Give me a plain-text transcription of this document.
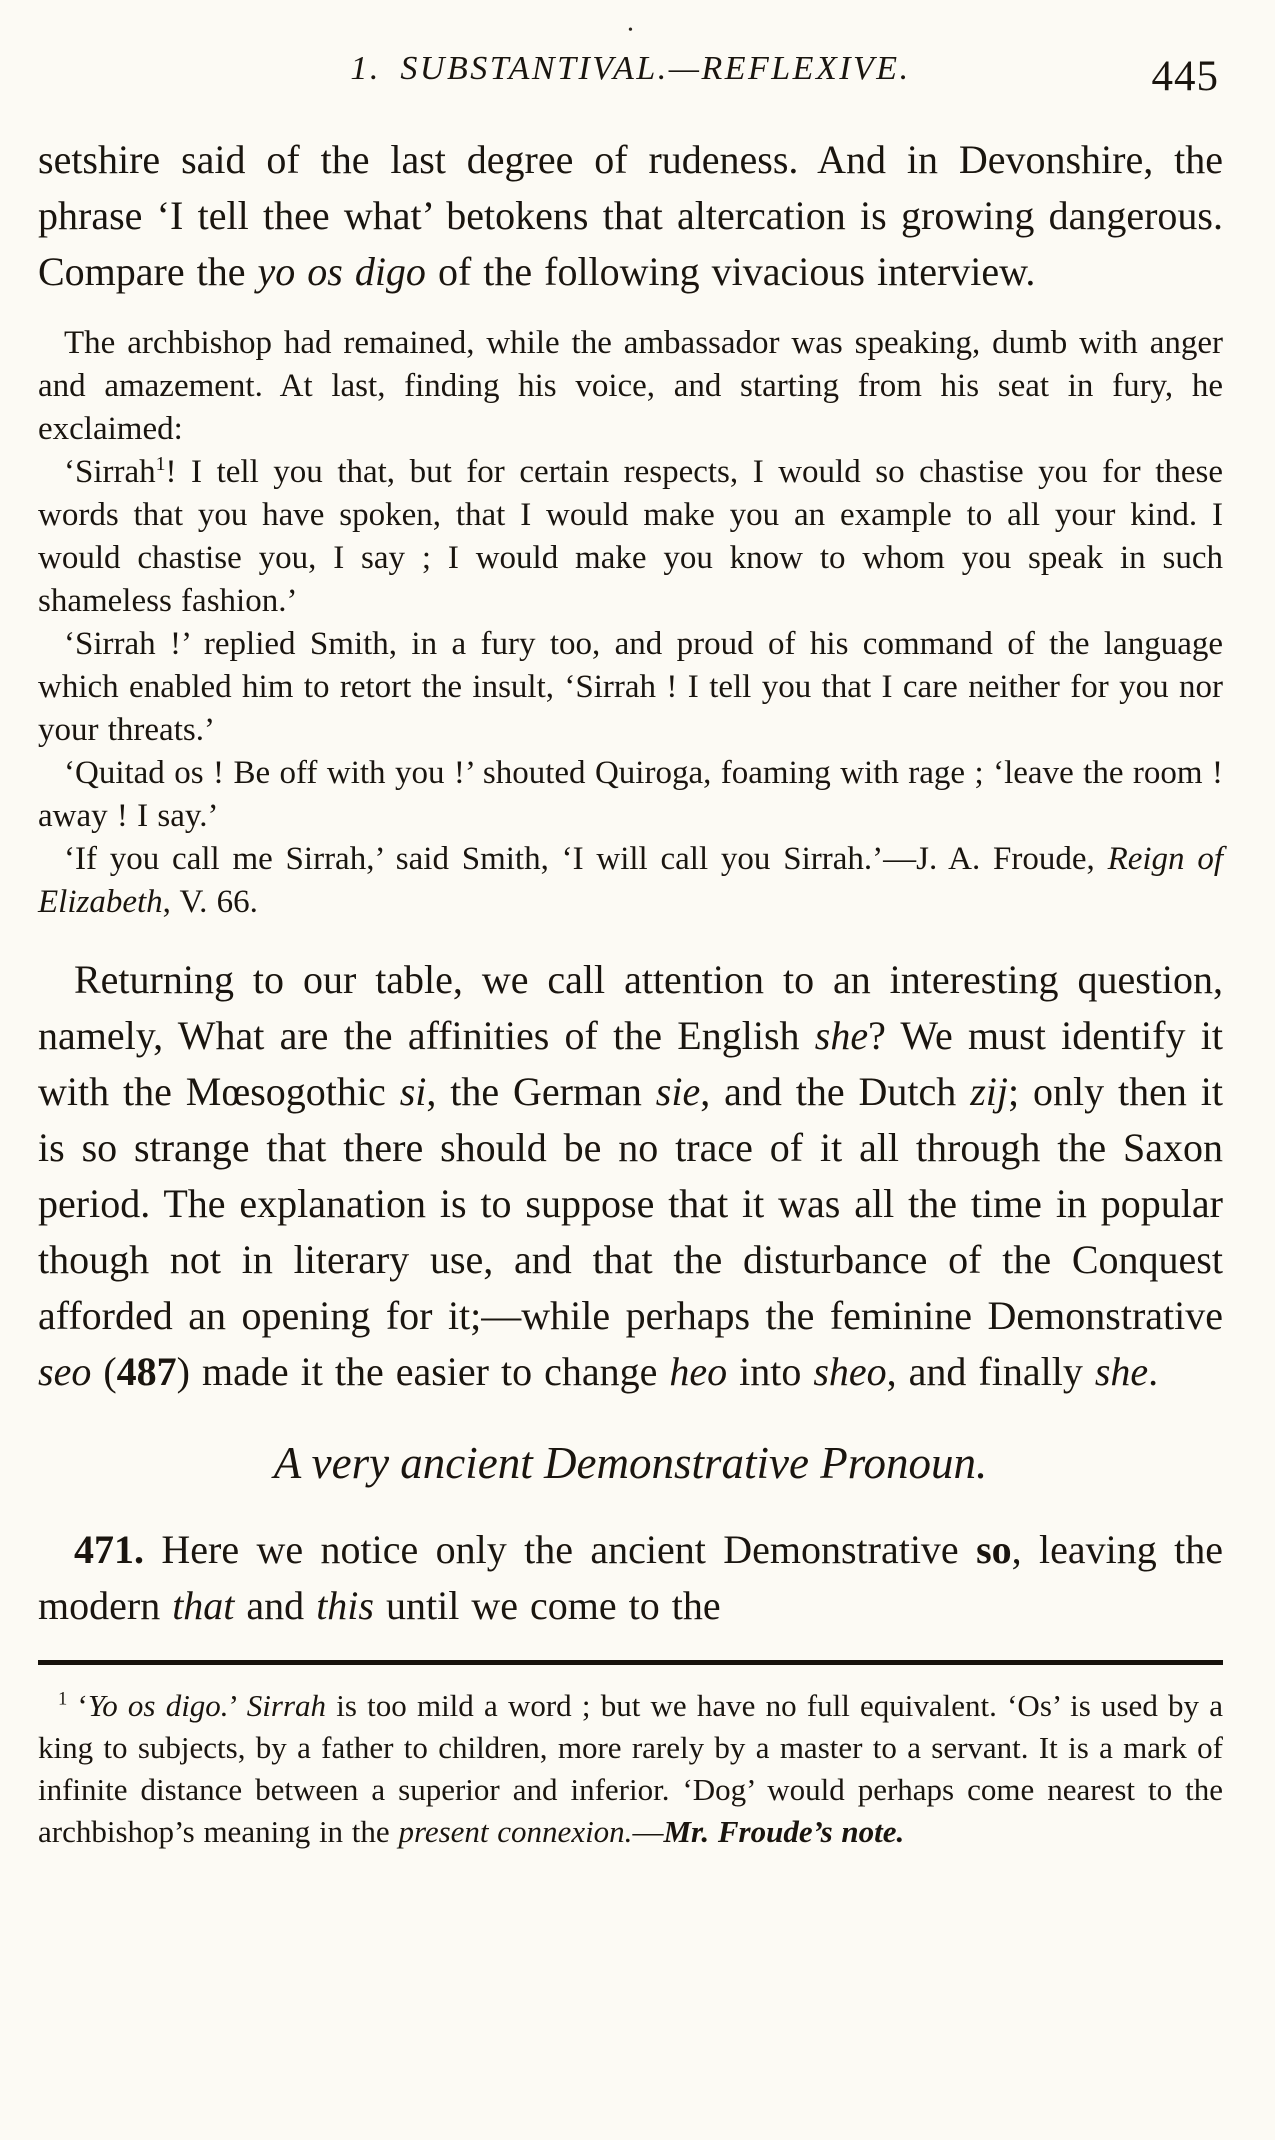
•
1. SUBSTANTIVAL.—REFLEXIVE.	445

setshire said of the last degree of rudeness. And in Devonshire, the phrase ‘I tell thee what’ betokens that altercation is growing dangerous. Compare the yo os digo of the following vivacious interview.

The archbishop had remained, while the ambassador was speaking, dumb with anger and amazement. At last, finding his voice, and starting from his seat in fury, he exclaimed:

‘Sirrah$^1$! I tell you that, but for certain respects, I would so chastise you for these words that you have spoken, that I would make you an example to all your kind. I would chastise you, I say ; I would make you know to whom you speak in such shameless fashion.’

‘Sirrah !’ replied Smith, in a fury too, and proud of his command of the language which enabled him to retort the insult, ‘Sirrah ! I tell you that I care neither for you nor your threats.’

‘Quitad os ! Be off with you !’ shouted Quiroga, foaming with rage ; ‘leave the room ! away ! I say.’

‘If you call me Sirrah,’ said Smith, ‘I will call you Sirrah.’—J. A. Froude, Reign of Elizabeth, V. 66.

Returning to our table, we call attention to an interesting question, namely, What are the affinities of the English she? We must identify it with the Mœsogothic si, the German sie, and the Dutch zij; only then it is so strange that there should be no trace of it all through the Saxon period. The explanation is to suppose that it was all the time in popular though not in literary use, and that the disturbance of the Conquest afforded an opening for it;—while perhaps the feminine Demonstrative seo (487) made it the easier to change heo into sheo, and finally she.

A very ancient Demonstrative Pronoun.

471. Here we notice only the ancient Demonstrative so, leaving the modern that and this until we come to the

$^1$ ‘Yo os digo.’ Sirrah is too mild a word ; but we have no full equivalent. ‘Os’ is used by a king to subjects, by a father to children, more rarely by a master to a servant. It is a mark of infinite distance between a superior and inferior. ‘Dog’ would perhaps come nearest to the archbishop’s meaning in the present connexion.—Mr. Froude’s note.
